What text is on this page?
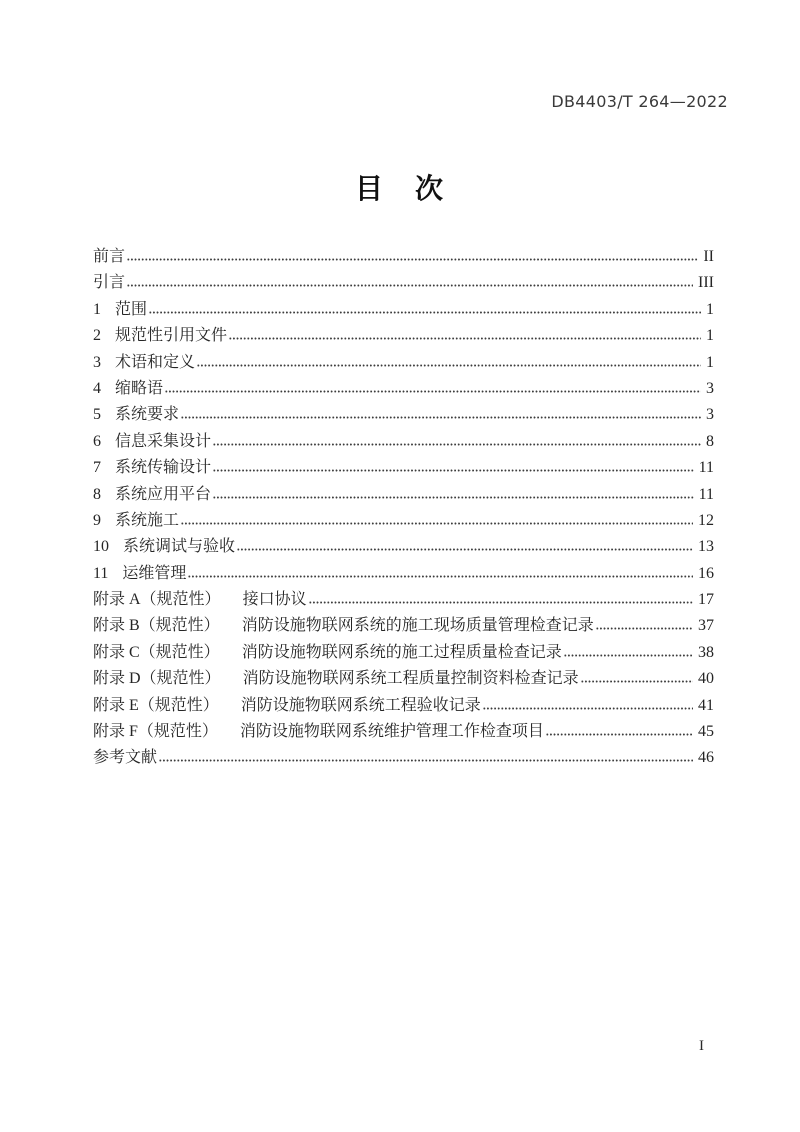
DB4403/T 264—2022
目　次
前言	II
引言	III
1 范围	1
2 规范性引用文件	1
3 术语和定义	1
4 缩略语	3
5 系统要求	3
6 信息采集设计	8
7 系统传输设计	11
8 系统应用平台	11
9 系统施工	12
10 系统调试与验收	13
11 运维管理	16
附录 A（规范性） 接口协议	17
附录 B（规范性） 消防设施物联网系统的施工现场质量管理检查记录	37
附录 C（规范性） 消防设施物联网系统的施工过程质量检查记录	38
附录 D（规范性） 消防设施物联网系统工程质量控制资料检查记录	40
附录 E（规范性） 消防设施物联网系统工程验收记录	41
附录 F（规范性） 消防设施物联网系统维护管理工作检查项目	45
参考文献	46
I
